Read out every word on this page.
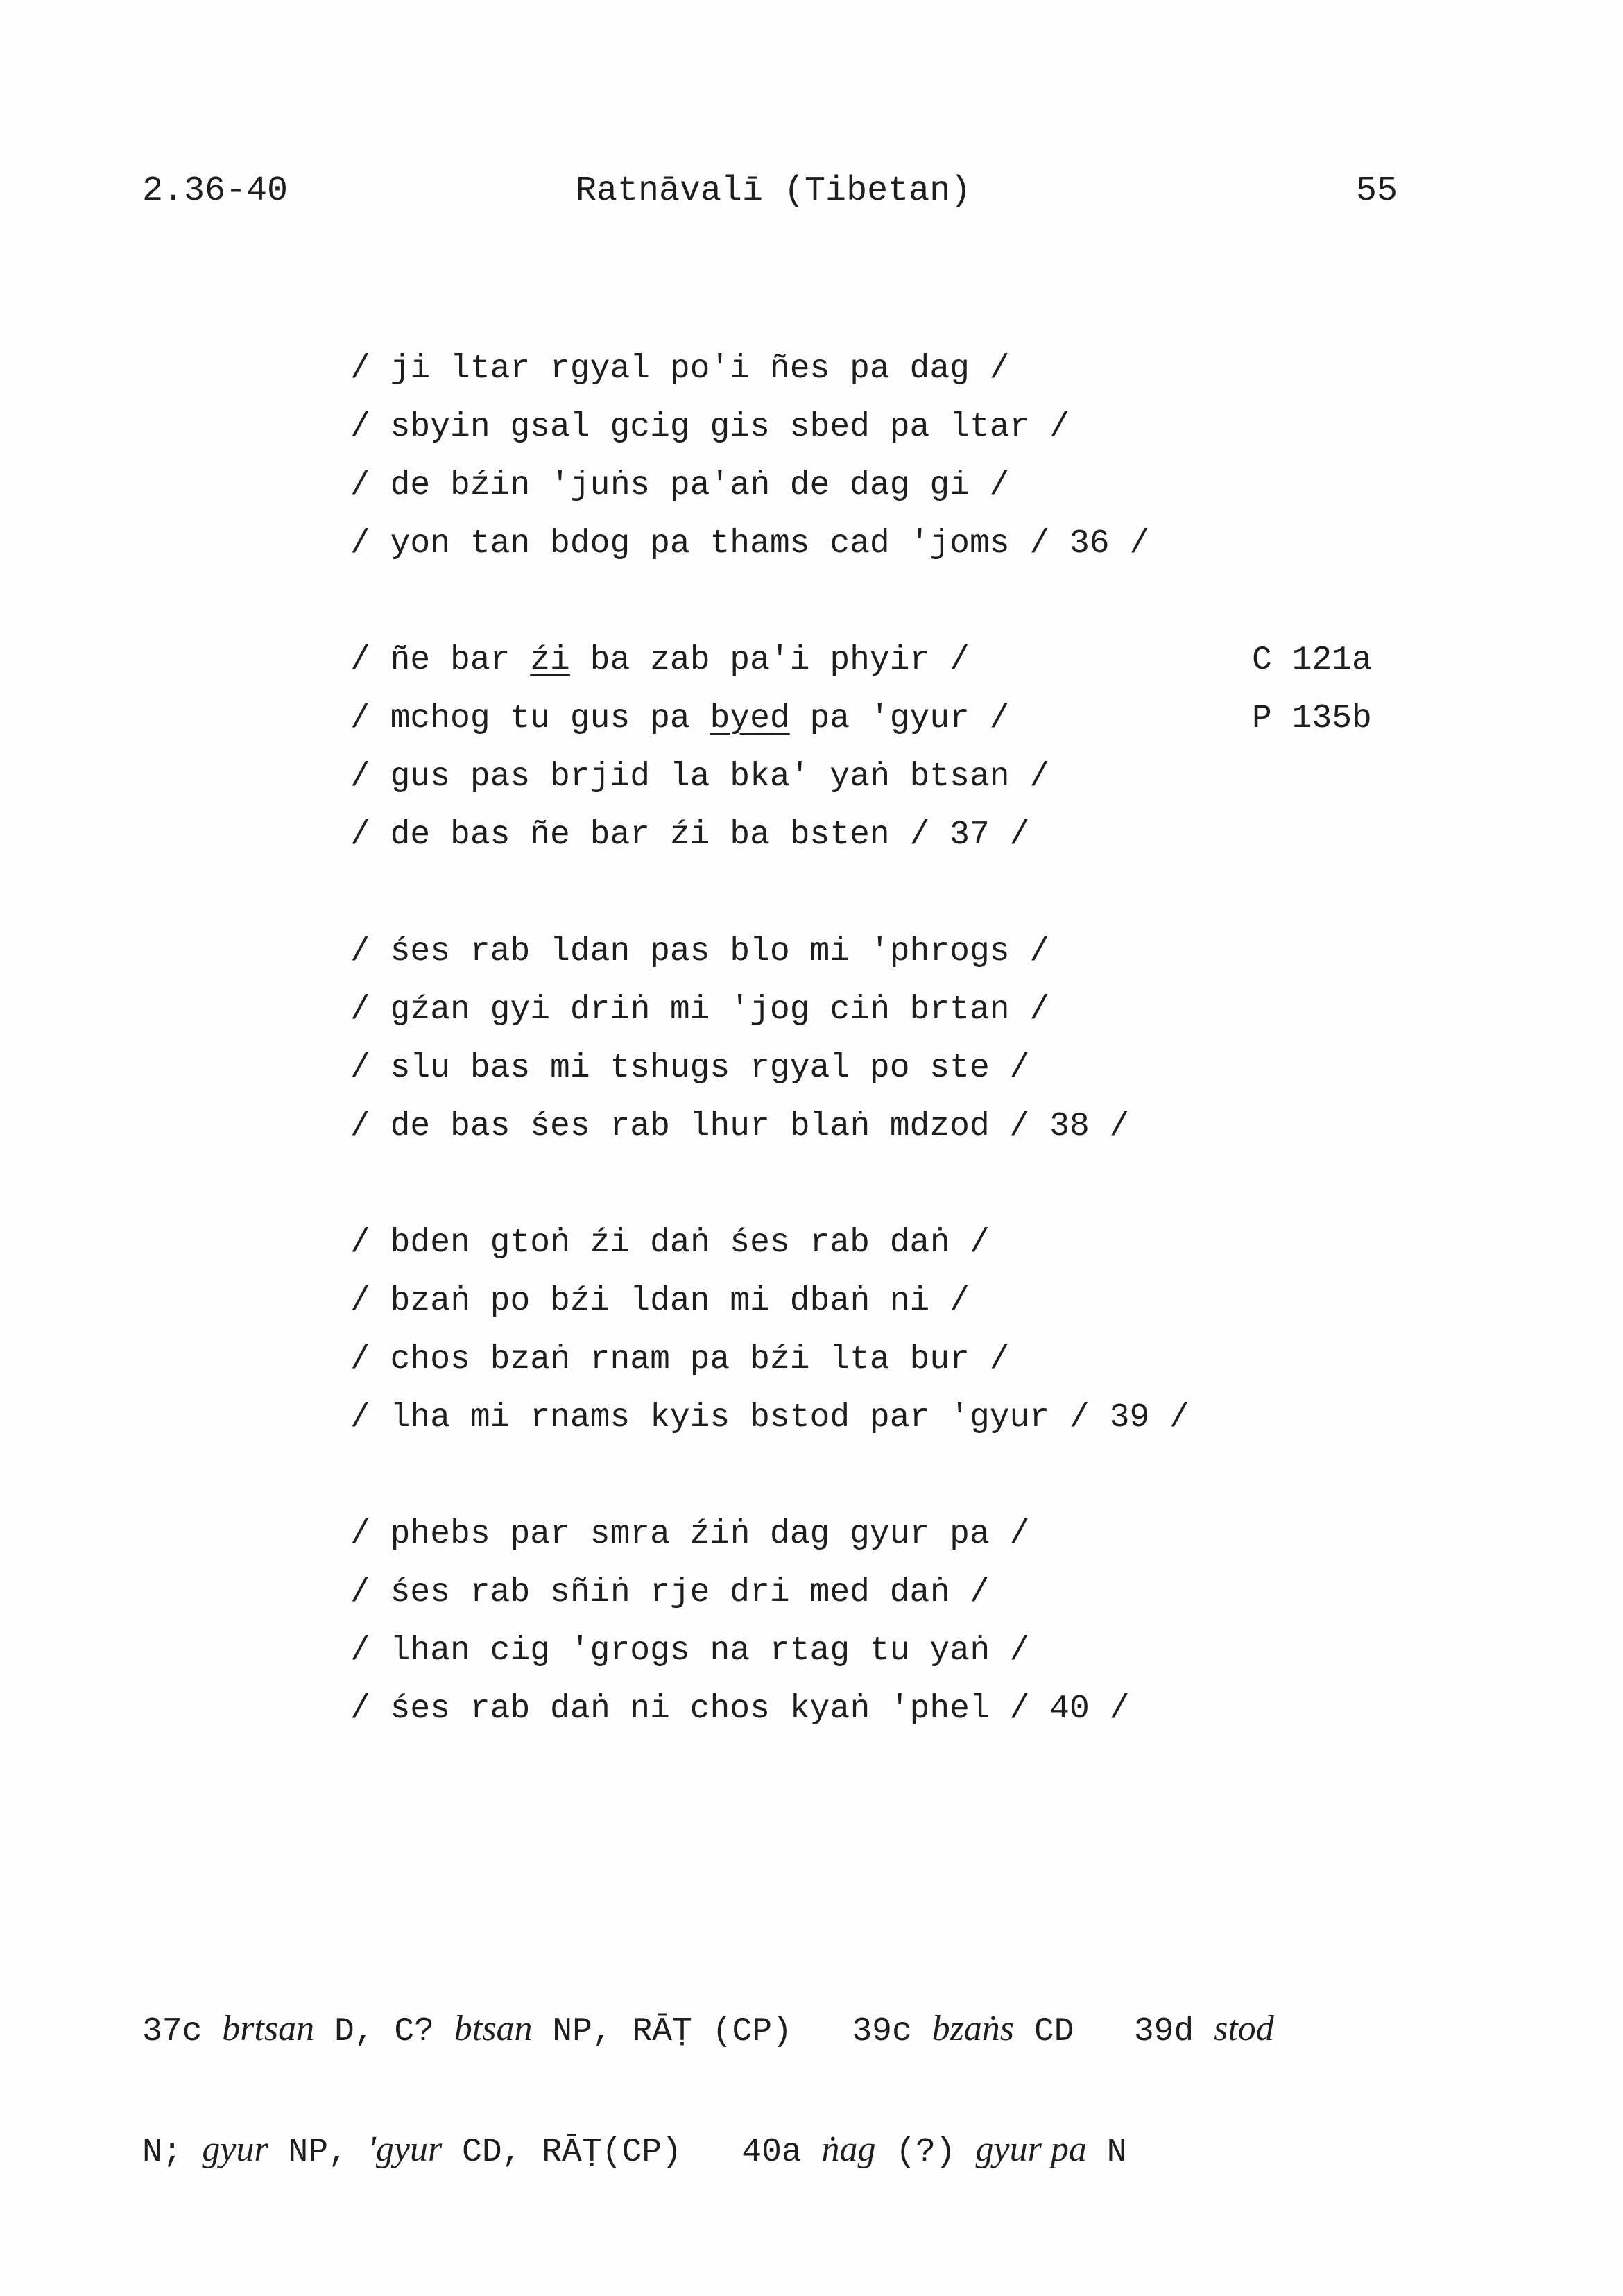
2.36-40	Ratnāvalī (Tibetan)	55
/ ji ltar rgyal po'i ñes pa dag /
/ sbyin gsal gcig gis sbed pa ltar /
/ de bźin 'juṅs pa'aṅ de dag gi /
/ yon tan bdog pa thams cad 'joms / 36 /
/ ñe bar źi ba zab pa'i phyir /
/ mchog tu gus pa byed pa 'gyur /
/ gus pas brjid la bka' yaṅ btsan /
/ de bas ñe bar źi ba bsten / 37 /
/ śes rab ldan pas blo mi 'phrogs /
/ gźan gyi driṅ mi 'jog ciṅ brtan /
/ slu bas mi tshugs rgyal po ste /
/ de bas śes rab lhur blaṅ mdzod / 38 /
/ bden gtoṅ źi daṅ śes rab daṅ /
/ bzaṅ po bźi ldan mi dbaṅ ni /
/ chos bzaṅ rnam pa bźi lta bur /
/ lha mi rnams kyis bstod par 'gyur / 39 /
/ phebs par smra źiṅ dag gyur pa /
/ śes rab sñiṅ rje dri med daṅ /
/ lhan cig 'grogs na rtag tu yaṅ /
/ śes rab daṅ ni chos kyaṅ 'phel / 40 /
C 121a
P 135b

37c brtsan D, C? btsan NP, RĀṬ (CP)   39c bzaṅs CD   39d stod

N; gyur NP, 'gyur CD, RĀṬ(CP)   40a ṅag (?) gyur pa N
